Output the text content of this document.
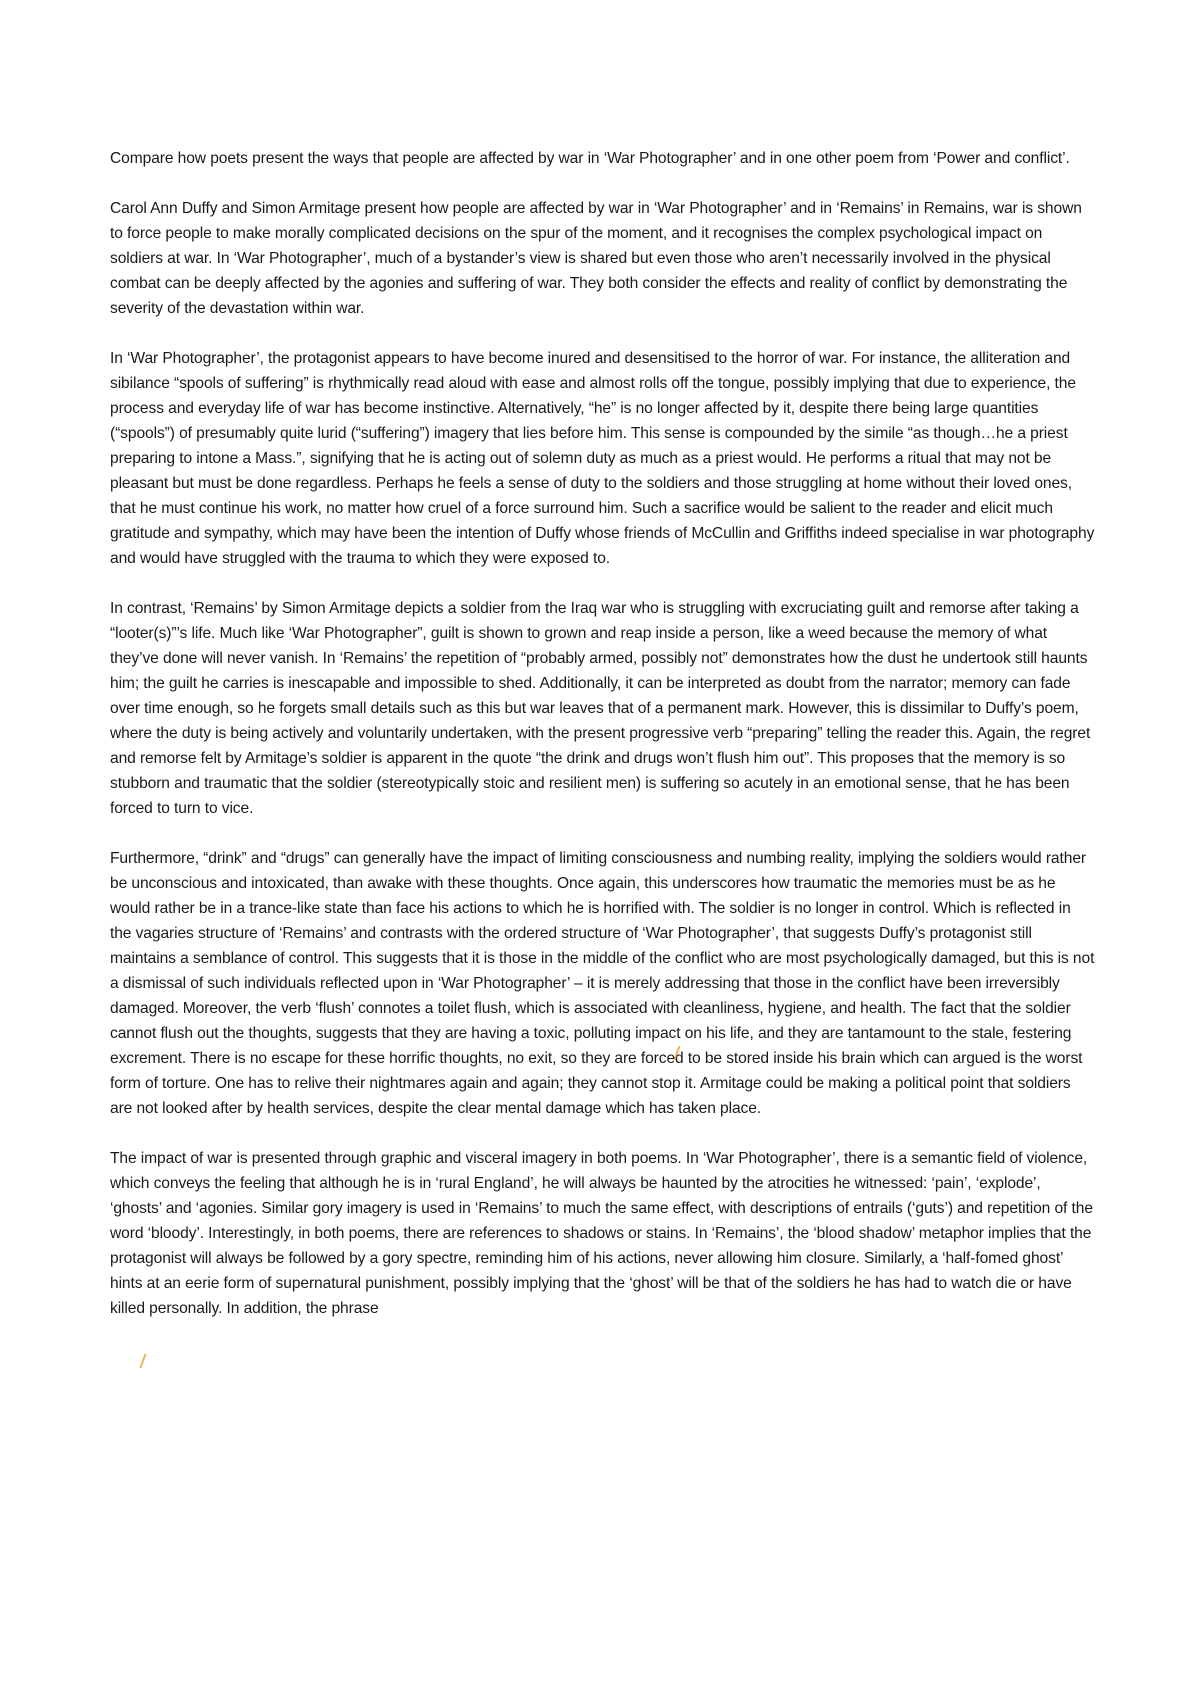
Compare how poets present the ways that people are affected by war in ‘War Photographer’ and in one other poem from ‘Power and conflict’.

Carol Ann Duffy and Simon Armitage present how people are affected by war in ‘War Photographer’ and in ‘Remains’ in Remains, war is shown to force people to make morally complicated decisions on the spur of the moment, and it recognises the complex psychological impact on soldiers at war. In ‘War Photographer’, much of a bystander’s view is shared but even those who aren’t necessarily involved in the physical combat can be deeply affected by the agonies and suffering of war. They both consider the effects and reality of conflict by demonstrating the severity of the devastation within war.

In ‘War Photographer’, the protagonist appears to have become inured and desensitised to the horror of war. For instance, the alliteration and sibilance “spools of suffering” is rhythmically read aloud with ease and almost rolls off the tongue, possibly implying that due to experience, the process and everyday life of war has become instinctive. Alternatively, “he” is no longer affected by it, despite there being large quantities (“spools”) of presumably quite lurid (“suffering”) imagery that lies before him. This sense is compounded by the simile “as though…he a priest preparing to intone a Mass.”, signifying that he is acting out of solemn duty as much as a priest would. He performs a ritual that may not be pleasant but must be done regardless. Perhaps he feels a sense of duty to the soldiers and those struggling at home without their loved ones, that he must continue his work, no matter how cruel of a force surround him. Such a sacrifice would be salient to the reader and elicit much gratitude and sympathy, which may have been the intention of Duffy whose friends of McCullin and Griffiths indeed specialise in war photography and would have struggled with the trauma to which they were exposed to.

In contrast, ‘Remains’ by Simon Armitage depicts a soldier from the Iraq war who is struggling with excruciating guilt and remorse after taking a “looter(s)”’s life. Much like ‘War Photographer”, guilt is shown to grown and reap inside a person, like a weed because the memory of what they’ve done will never vanish. In ‘Remains’ the repetition of “probably armed, possibly not” demonstrates how the dust he undertook still haunts him; the guilt he carries is inescapable and impossible to shed. Additionally, it can be interpreted as doubt from the narrator; memory can fade over time enough, so he forgets small details such as this but war leaves that of a permanent mark. However, this is dissimilar to Duffy’s poem, where the duty is being actively and voluntarily undertaken, with the present progressive verb “preparing” telling the reader this. Again, the regret and remorse felt by Armitage’s soldier is apparent in the quote “the drink and drugs won’t flush him out”. This proposes that the memory is so stubborn and traumatic that the soldier (stereotypically stoic and resilient men) is suffering so acutely in an emotional sense, that he has been forced to turn to vice.

Furthermore, “drink” and “drugs” can generally have the impact of limiting consciousness and numbing reality, implying the soldiers would rather be unconscious and intoxicated, than awake with these thoughts. Once again, this underscores how traumatic the memories must be as he would rather be in a trance-like state than face his actions to which he is horrified with. The soldier is no longer in control. Which is reflected in the vagaries structure of ‘Remains’ and contrasts with the ordered structure of ‘War Photographer’, that suggests Duffy’s protagonist still maintains a semblance of control. This suggests that it is those in the middle of the conflict who are most psychologically damaged, but this is not a dismissal of such individuals reflected upon in ‘War Photographer’ – it is merely addressing that those in the conflict have been irreversibly damaged. Moreover, the verb ‘flush’ connotes a toilet flush, which is associated with cleanliness, hygiene, and health. The fact that the soldier cannot flush out the thoughts, suggests that they are having a toxic, polluting impact on his life, and they are tantamount to the stale, festering excrement. There is no escape for these horrific thoughts, no exit, so they are forced to be stored inside his brain which can argued is the worst form of torture. One has to relive their nightmares again and again; they cannot stop it. Armitage could be making a political point that soldiers are not looked after by health services, despite the clear mental damage which has taken place.

The impact of war is presented through graphic and visceral imagery in both poems. In ‘War Photographer’, there is a semantic field of violence, which conveys the feeling that although he is in ‘rural England’, he will always be haunted by the atrocities he witnessed: ‘pain’, ‘explode’, ‘ghosts’ and ‘agonies. Similar gory imagery is used in ‘Remains’ to much the same effect, with descriptions of entrails (‘guts’) and repetition of the word ‘bloody’. Interestingly, in both poems, there are references to shadows or stains. In ‘Remains’, the ‘blood shadow’ metaphor implies that the protagonist will always be followed by a gory spectre, reminding him of his actions, never allowing him closure. Similarly, a ‘half-fomed ghost’ hints at an eerie form of supernatural punishment, possibly implying that the ‘ghost’ will be that of the soldiers he has had to watch die or have killed personally. In addition, the phrase
